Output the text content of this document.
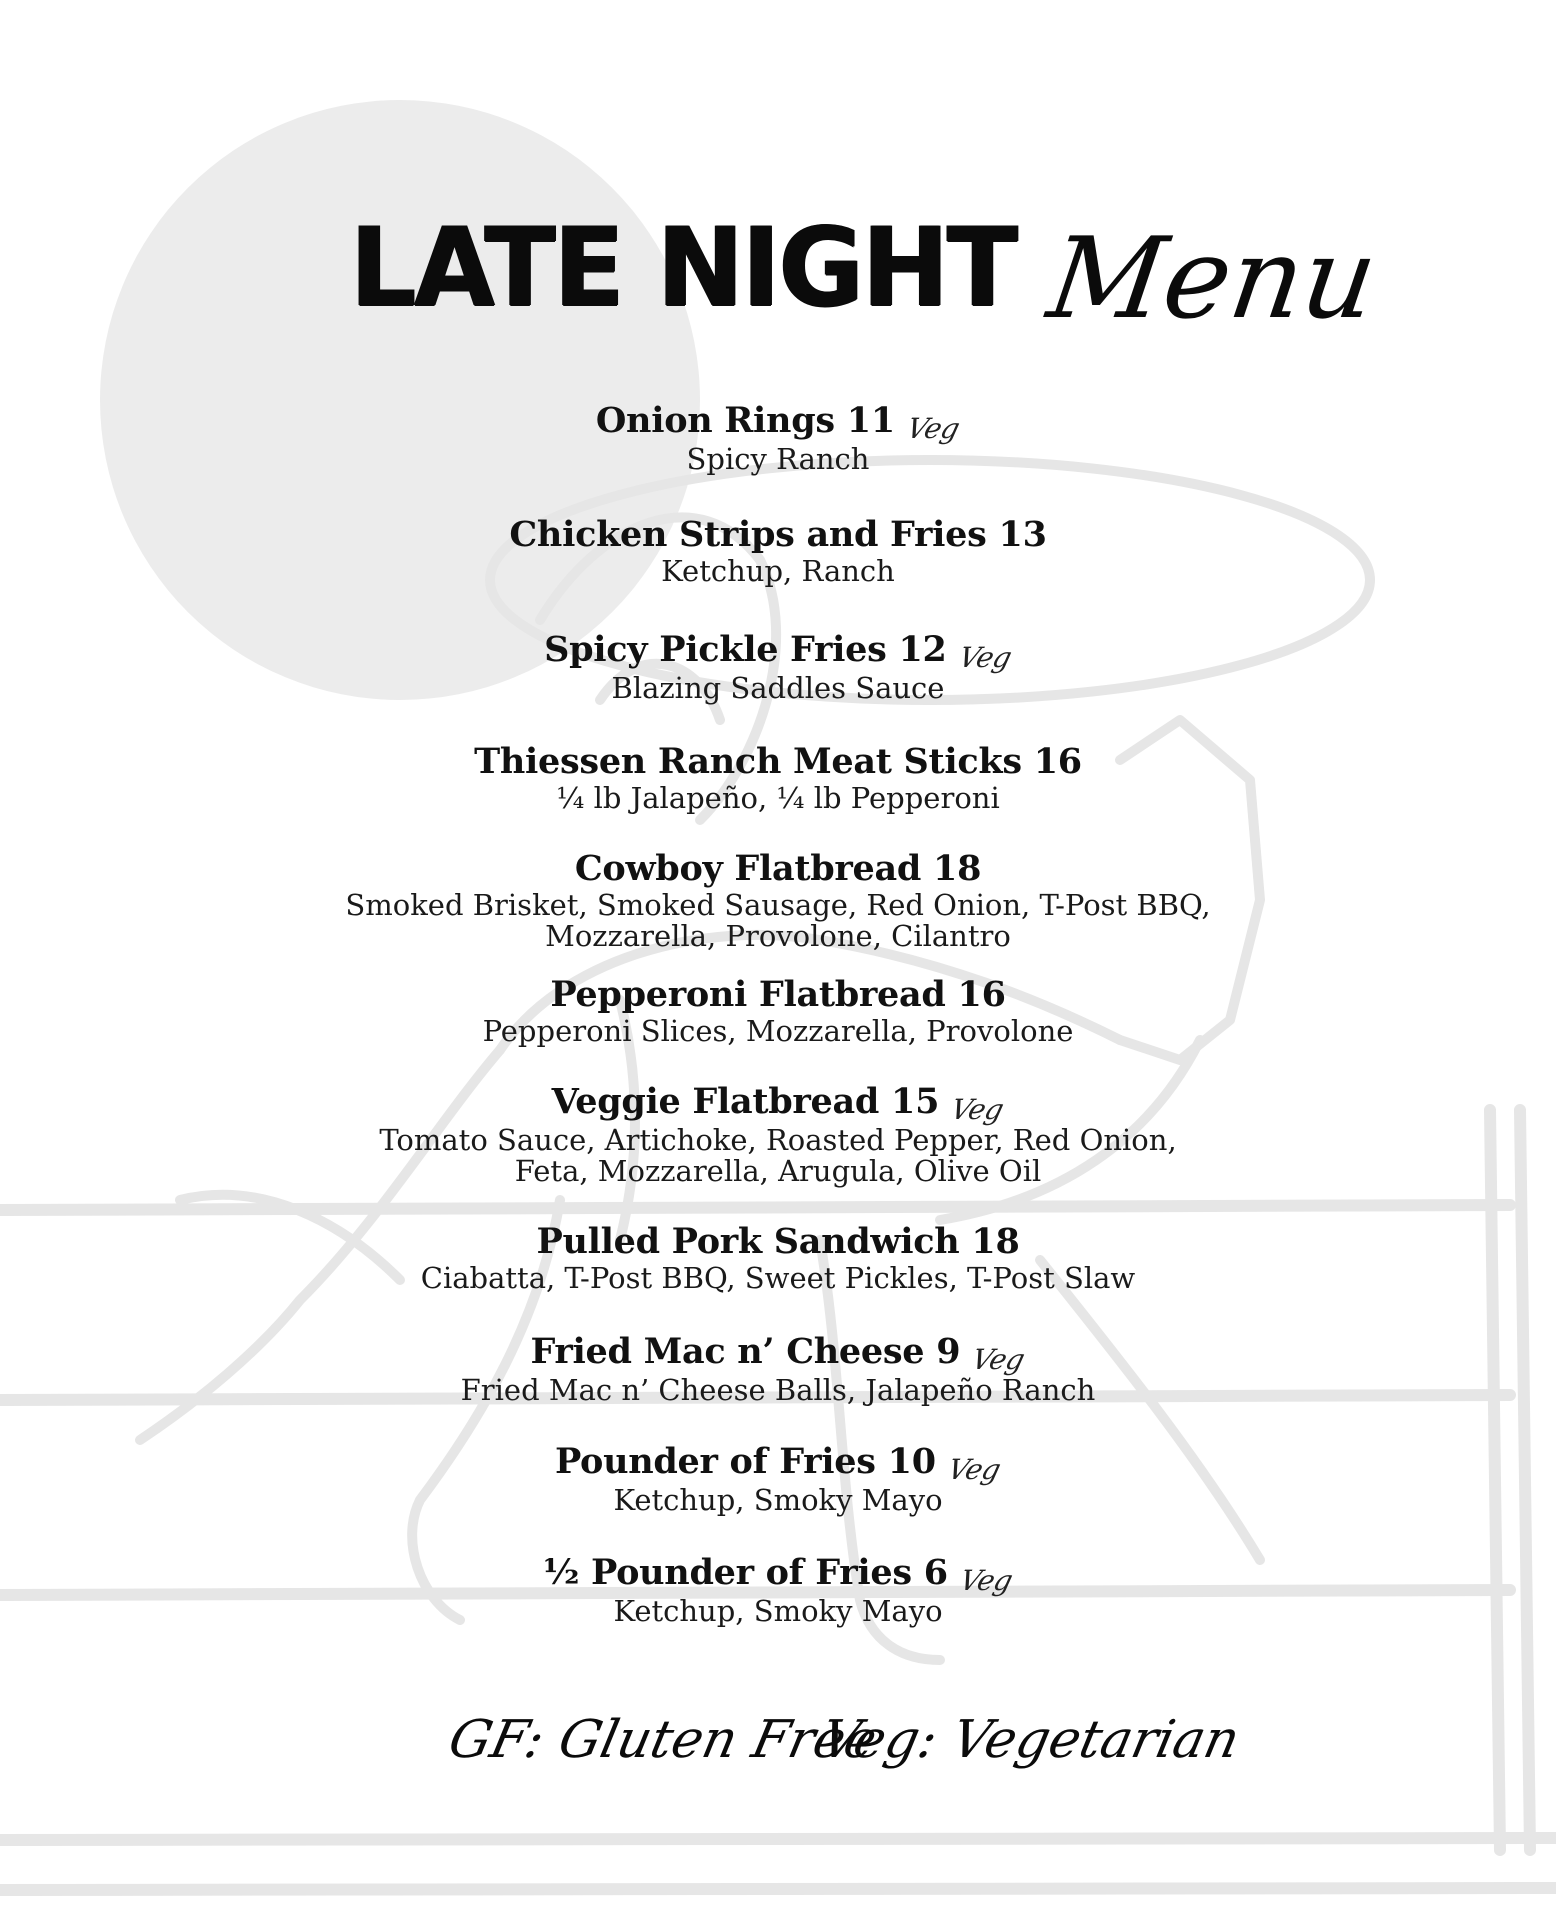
LATE NIGHT Menu
Onion Rings 11 Veg
Spicy Ranch
Chicken Strips and Fries 13
Ketchup, Ranch
Spicy Pickle Fries 12 Veg
Blazing Saddles Sauce
Thiessen Ranch Meat Sticks 16
¼ lb Jalapeño, ¼ lb Pepperoni
Cowboy Flatbread 18
Smoked Brisket, Smoked Sausage, Red Onion, T-Post BBQ,
Mozzarella, Provolone, Cilantro
Pepperoni Flatbread 16
Pepperoni Slices, Mozzarella, Provolone
Veggie Flatbread 15 Veg
Tomato Sauce, Artichoke, Roasted Pepper, Red Onion,
Feta, Mozzarella, Arugula, Olive Oil
Pulled Pork Sandwich 18
Ciabatta, T-Post BBQ, Sweet Pickles, T-Post Slaw
Fried Mac n’ Cheese 9 Veg
Fried Mac n’ Cheese Balls, Jalapeño Ranch
Pounder of Fries 10 Veg
Ketchup, Smoky Mayo
½ Pounder of Fries 6 Veg
Ketchup, Smoky Mayo
GF: Gluten Free
Veg: Vegetarian
